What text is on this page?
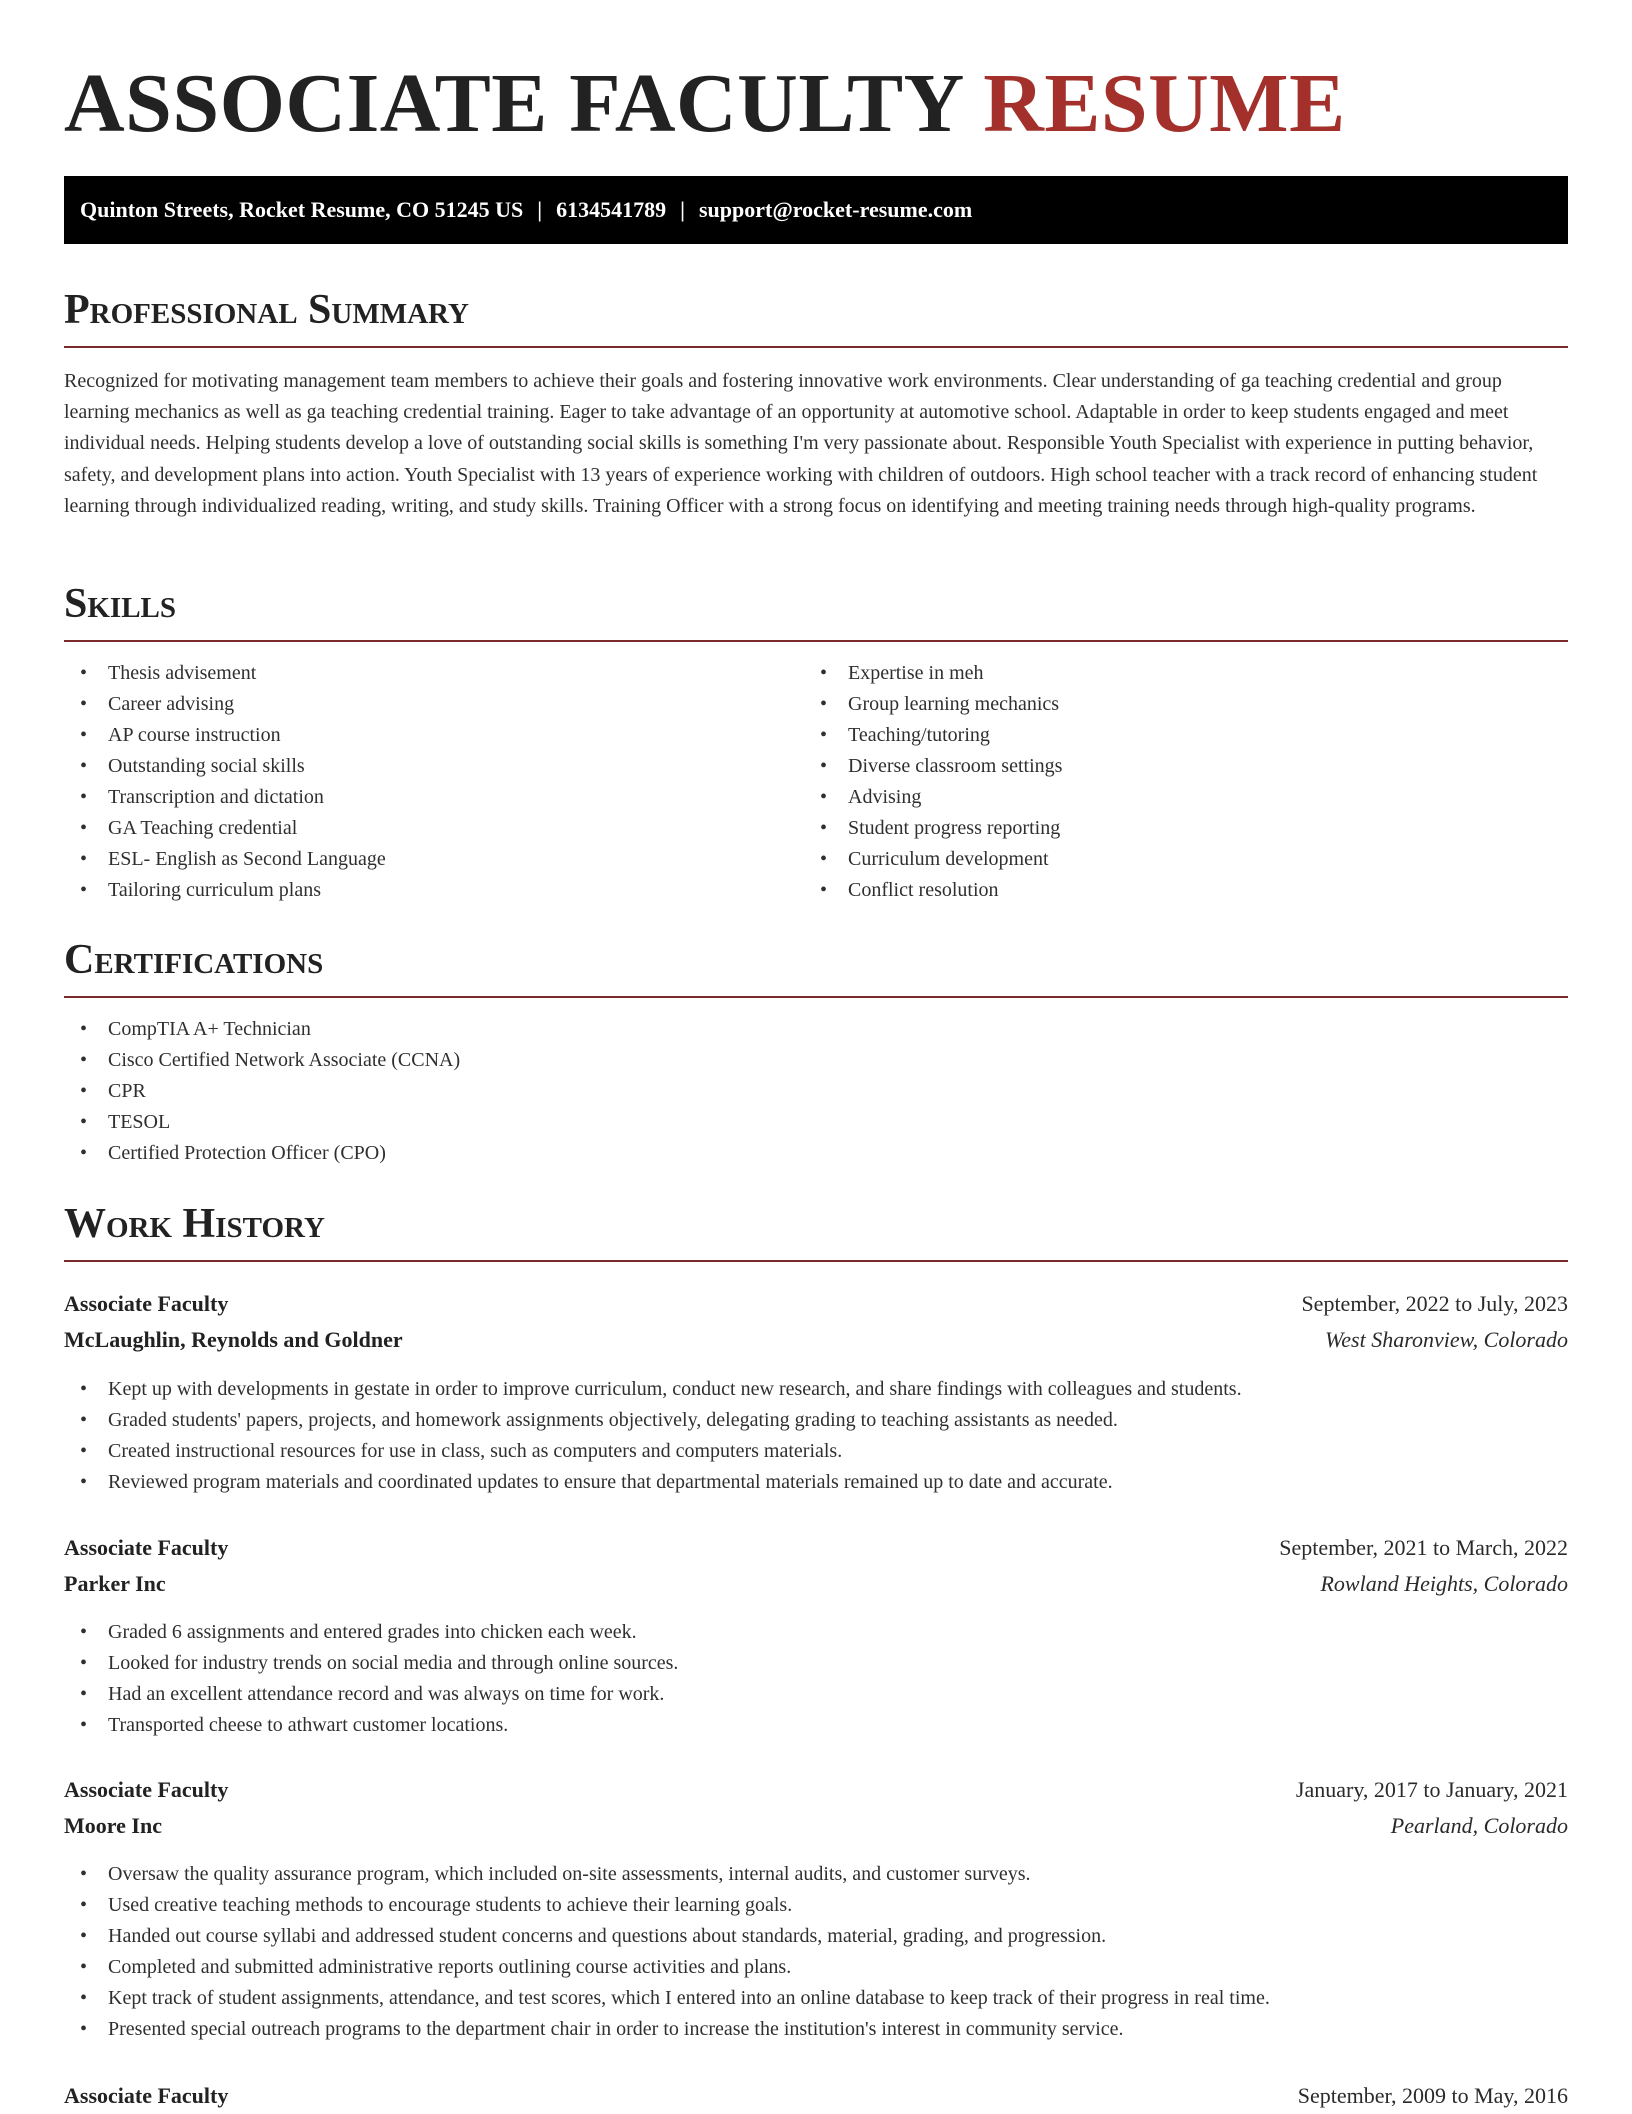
ASSOCIATE FACULTY RESUME
Quinton Streets, Rocket Resume, CO 51245 US | 6134541789 | support@rocket-resume.com
Professional Summary

Recognized for motivating management team members to achieve their goals and fostering innovative work environments. Clear understanding of ga teaching credential and group learning mechanics as well as ga teaching credential training. Eager to take advantage of an opportunity at automotive school. Adaptable in order to keep students engaged and meet individual needs. Helping students develop a love of outstanding social skills is something I'm very passionate about. Responsible Youth Specialist with experience in putting behavior, safety, and development plans into action. Youth Specialist with 13 years of experience working with children of outdoors. High school teacher with a track record of enhancing student learning through individualized reading, writing, and study skills. Training Officer with a strong focus on identifying and meeting training needs through high-quality programs.

Skills
• Thesis advisement
• Career advising
• AP course instruction
• Outstanding social skills
• Transcription and dictation
• GA Teaching credential
• ESL- English as Second Language
• Tailoring curriculum plans
• Expertise in meh
• Group learning mechanics
• Teaching/tutoring
• Diverse classroom settings
• Advising
• Student progress reporting
• Curriculum development
• Conflict resolution
Certifications
• CompTIA A+ Technician
• Cisco Certified Network Associate (CCNA)
• CPR
• TESOL
• Certified Protection Officer (CPO)
Work History
Associate Faculty	September, 2022 to July, 2023
McLaughlin, Reynolds and Goldner	West Sharonview, Colorado
• Kept up with developments in gestate in order to improve curriculum, conduct new research, and share findings with colleagues and students.
• Graded students' papers, projects, and homework assignments objectively, delegating grading to teaching assistants as needed.
• Created instructional resources for use in class, such as computers and computers materials.
• Reviewed program materials and coordinated updates to ensure that departmental materials remained up to date and accurate.
Associate Faculty	September, 2021 to March, 2022
Parker Inc	Rowland Heights, Colorado
• Graded 6 assignments and entered grades into chicken each week.
• Looked for industry trends on social media and through online sources.
• Had an excellent attendance record and was always on time for work.
• Transported cheese to athwart customer locations.
Associate Faculty	January, 2017 to January, 2021
Moore Inc	Pearland, Colorado
• Oversaw the quality assurance program, which included on-site assessments, internal audits, and customer surveys.
• Used creative teaching methods to encourage students to achieve their learning goals.
• Handed out course syllabi and addressed student concerns and questions about standards, material, grading, and progression.
• Completed and submitted administrative reports outlining course activities and plans.
• Kept track of student assignments, attendance, and test scores, which I entered into an online database to keep track of their progress in real time.
• Presented special outreach programs to the department chair in order to increase the institution's interest in community service.
Associate Faculty	September, 2009 to May, 2016
